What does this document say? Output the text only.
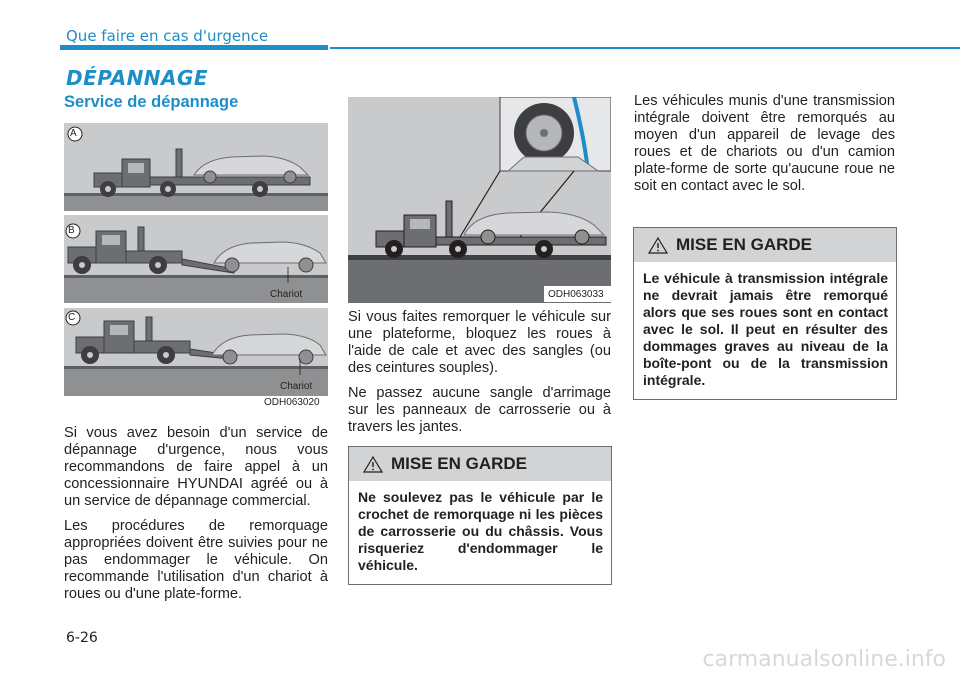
Que faire en cas d'urgence
DÉPANNAGE
Service de dépannage
A
B
C
Chariot
Chariot
ODH063020
ODH063033

Si vous avez besoin d'un service de dépannage d'urgence, nous vous recommandons de faire appel à un concessionnaire HYUNDAI agréé ou à un service de dépannage commercial.

Les procédures de remorquage appropriées doivent être suivies pour ne pas endommager le véhicule. On recommande l'utilisation d'un chariot à roues ou d'une plate-forme.

Si vous faites remorquer le véhicule sur une plateforme, bloquez les roues à l'aide de cale et avec des sangles (ou des ceintures souples).

Ne passez aucune sangle d'arrimage sur les panneaux de carrosserie ou à travers les jantes.

MISE EN GARDE
Ne soulevez pas le véhicule par le crochet de remorquage ni les pièces de carrosserie ou du châssis. Vous risqueriez d'endommager le véhicule.

Les véhicules munis d'une transmission intégrale doivent être remorqués au moyen d'un appareil de levage des roues et de chariots ou d'un camion plate-forme de sorte qu'aucune roue ne soit en contact avec le sol.

MISE EN GARDE
Le véhicule à transmission intégrale ne devrait jamais être remorqué alors que ses roues sont en contact avec le sol. Il peut en résulter des dommages graves au niveau de la boîte-pont ou de la transmission intégrale.
6-26
carmanualsonline.info
